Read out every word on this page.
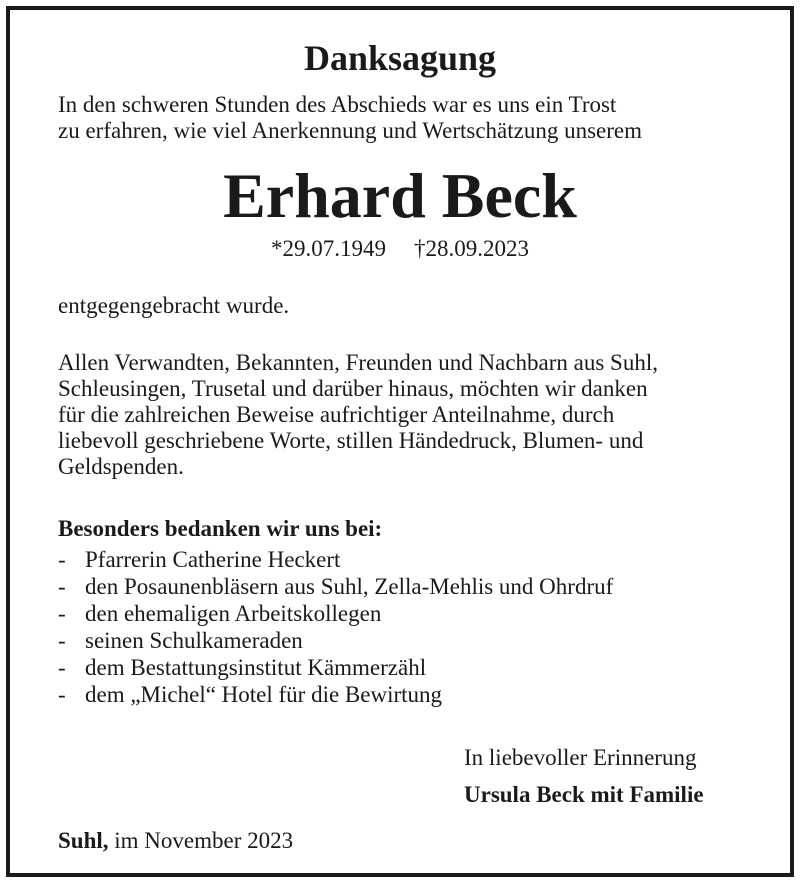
Danksagung
In den schweren Stunden des Abschieds war es uns ein Trost
zu erfahren, wie viel Anerkennung und Wertschätzung unserem
Erhard Beck
*29.07.1949 †28.09.2023
entgegengebracht wurde.
Allen Verwandten, Bekannten, Freunden und Nachbarn aus Suhl,
Schleusingen, Trusetal und darüber hinaus, möchten wir danken
für die zahlreichen Beweise aufrichtiger Anteilnahme, durch
liebevoll geschriebene Worte, stillen Händedruck, Blumen- und
Geldspenden.
Besonders bedanken wir uns bei:
- Pfarrerin Catherine Heckert
- den Posaunenbläsern aus Suhl, Zella-Mehlis und Ohrdruf
- den ehemaligen Arbeitskollegen
- seinen Schulkameraden
- dem Bestattungsinstitut Kämmerzähl
- dem „Michel“ Hotel für die Bewirtung
In liebevoller Erinnerung
Ursula Beck mit Familie
Suhl, im November 2023
